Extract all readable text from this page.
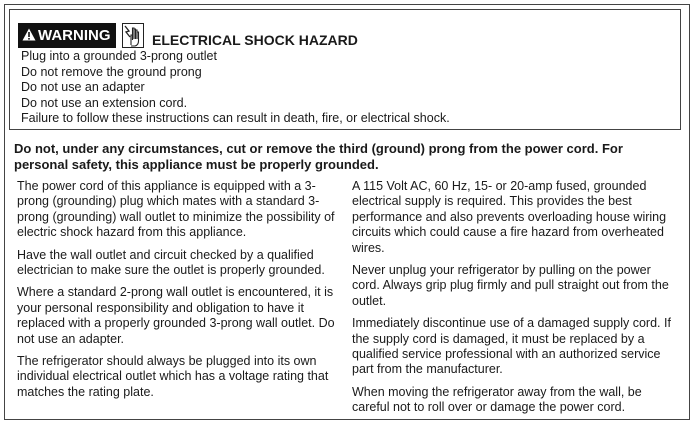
WARNING	ELECTRICAL SHOCK HAZARD
Plug into a grounded 3-prong outlet
Do not remove the ground prong
Do not use an adapter
Do not use an extension cord.
Failure to follow these instructions can result in death, fire, or electrical shock.
Do not, under any circumstances, cut or remove the third (ground) prong from the power cord. For personal safety, this appliance must be properly grounded.

The power cord of this appliance is equipped with a 3-prong (grounding) plug which mates with a standard 3-prong (grounding) wall outlet to minimize the possibility of electric shock hazard from this appliance.

Have the wall outlet and circuit checked by a qualified electrician to make sure the outlet is properly grounded.

Where a standard 2-prong wall outlet is encountered, it is your personal responsibility and obligation to have it replaced with a properly grounded 3-prong wall outlet. Do not use an adapter.

The refrigerator should always be plugged into its own individual electrical outlet which has a voltage rating that matches the rating plate.

A 115 Volt AC, 60 Hz, 15- or 20-amp fused, grounded electrical supply is required. This provides the best performance and also prevents overloading house wiring circuits which could cause a fire hazard from overheated wires.

Never unplug your refrigerator by pulling on the power cord. Always grip plug firmly and pull straight out from the outlet.

Immediately discontinue use of a damaged supply cord. If the supply cord is damaged, it must be replaced by a qualified service professional with an authorized service part from the manufacturer.

When moving the refrigerator away from the wall, be careful not to roll over or damage the power cord.
